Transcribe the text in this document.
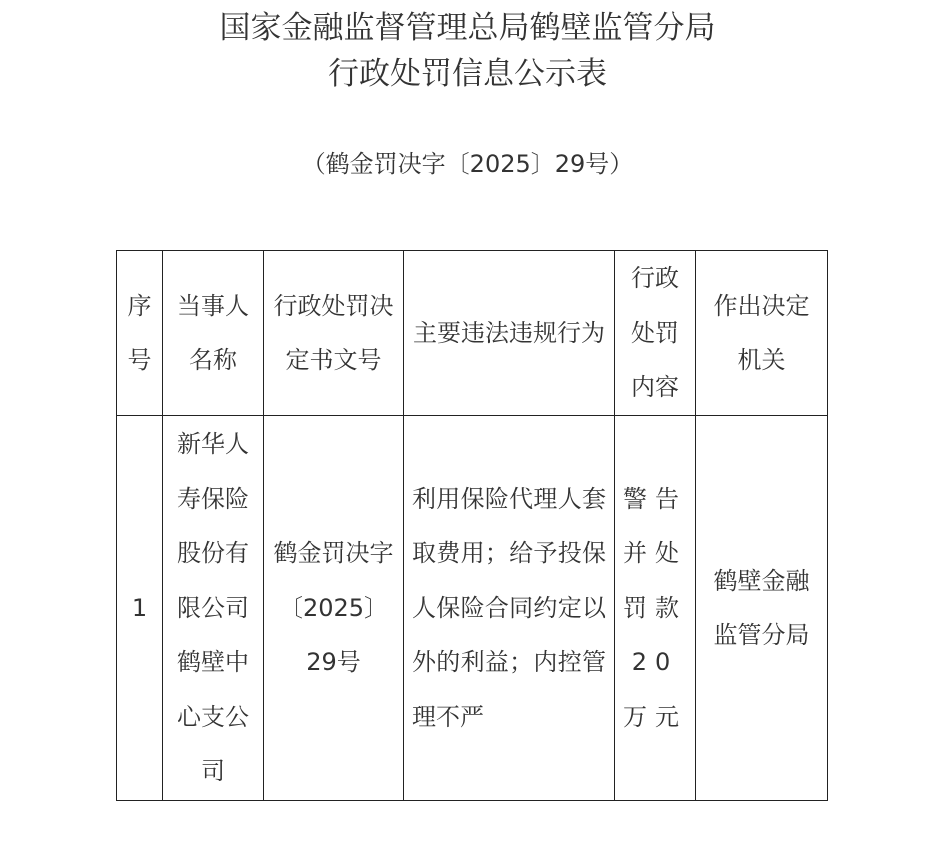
国家金融监督管理总局鹤壁监管分局
行政处罚信息公示表
（鹤金罚决字〔2025〕29号）
序号	当事人名称	行政处罚决定书文号	主要违法违规行为	行政处罚内容	作出决定机关
1	新华人寿保险股份有限公司鹤壁中心支公司	鹤金罚决字〔2025〕29号	利用保险代理人套取费用；给予投保人保险合同约定以外的利益；内控管理不严	警告并处罚款20万元	鹤壁金融监管分局
